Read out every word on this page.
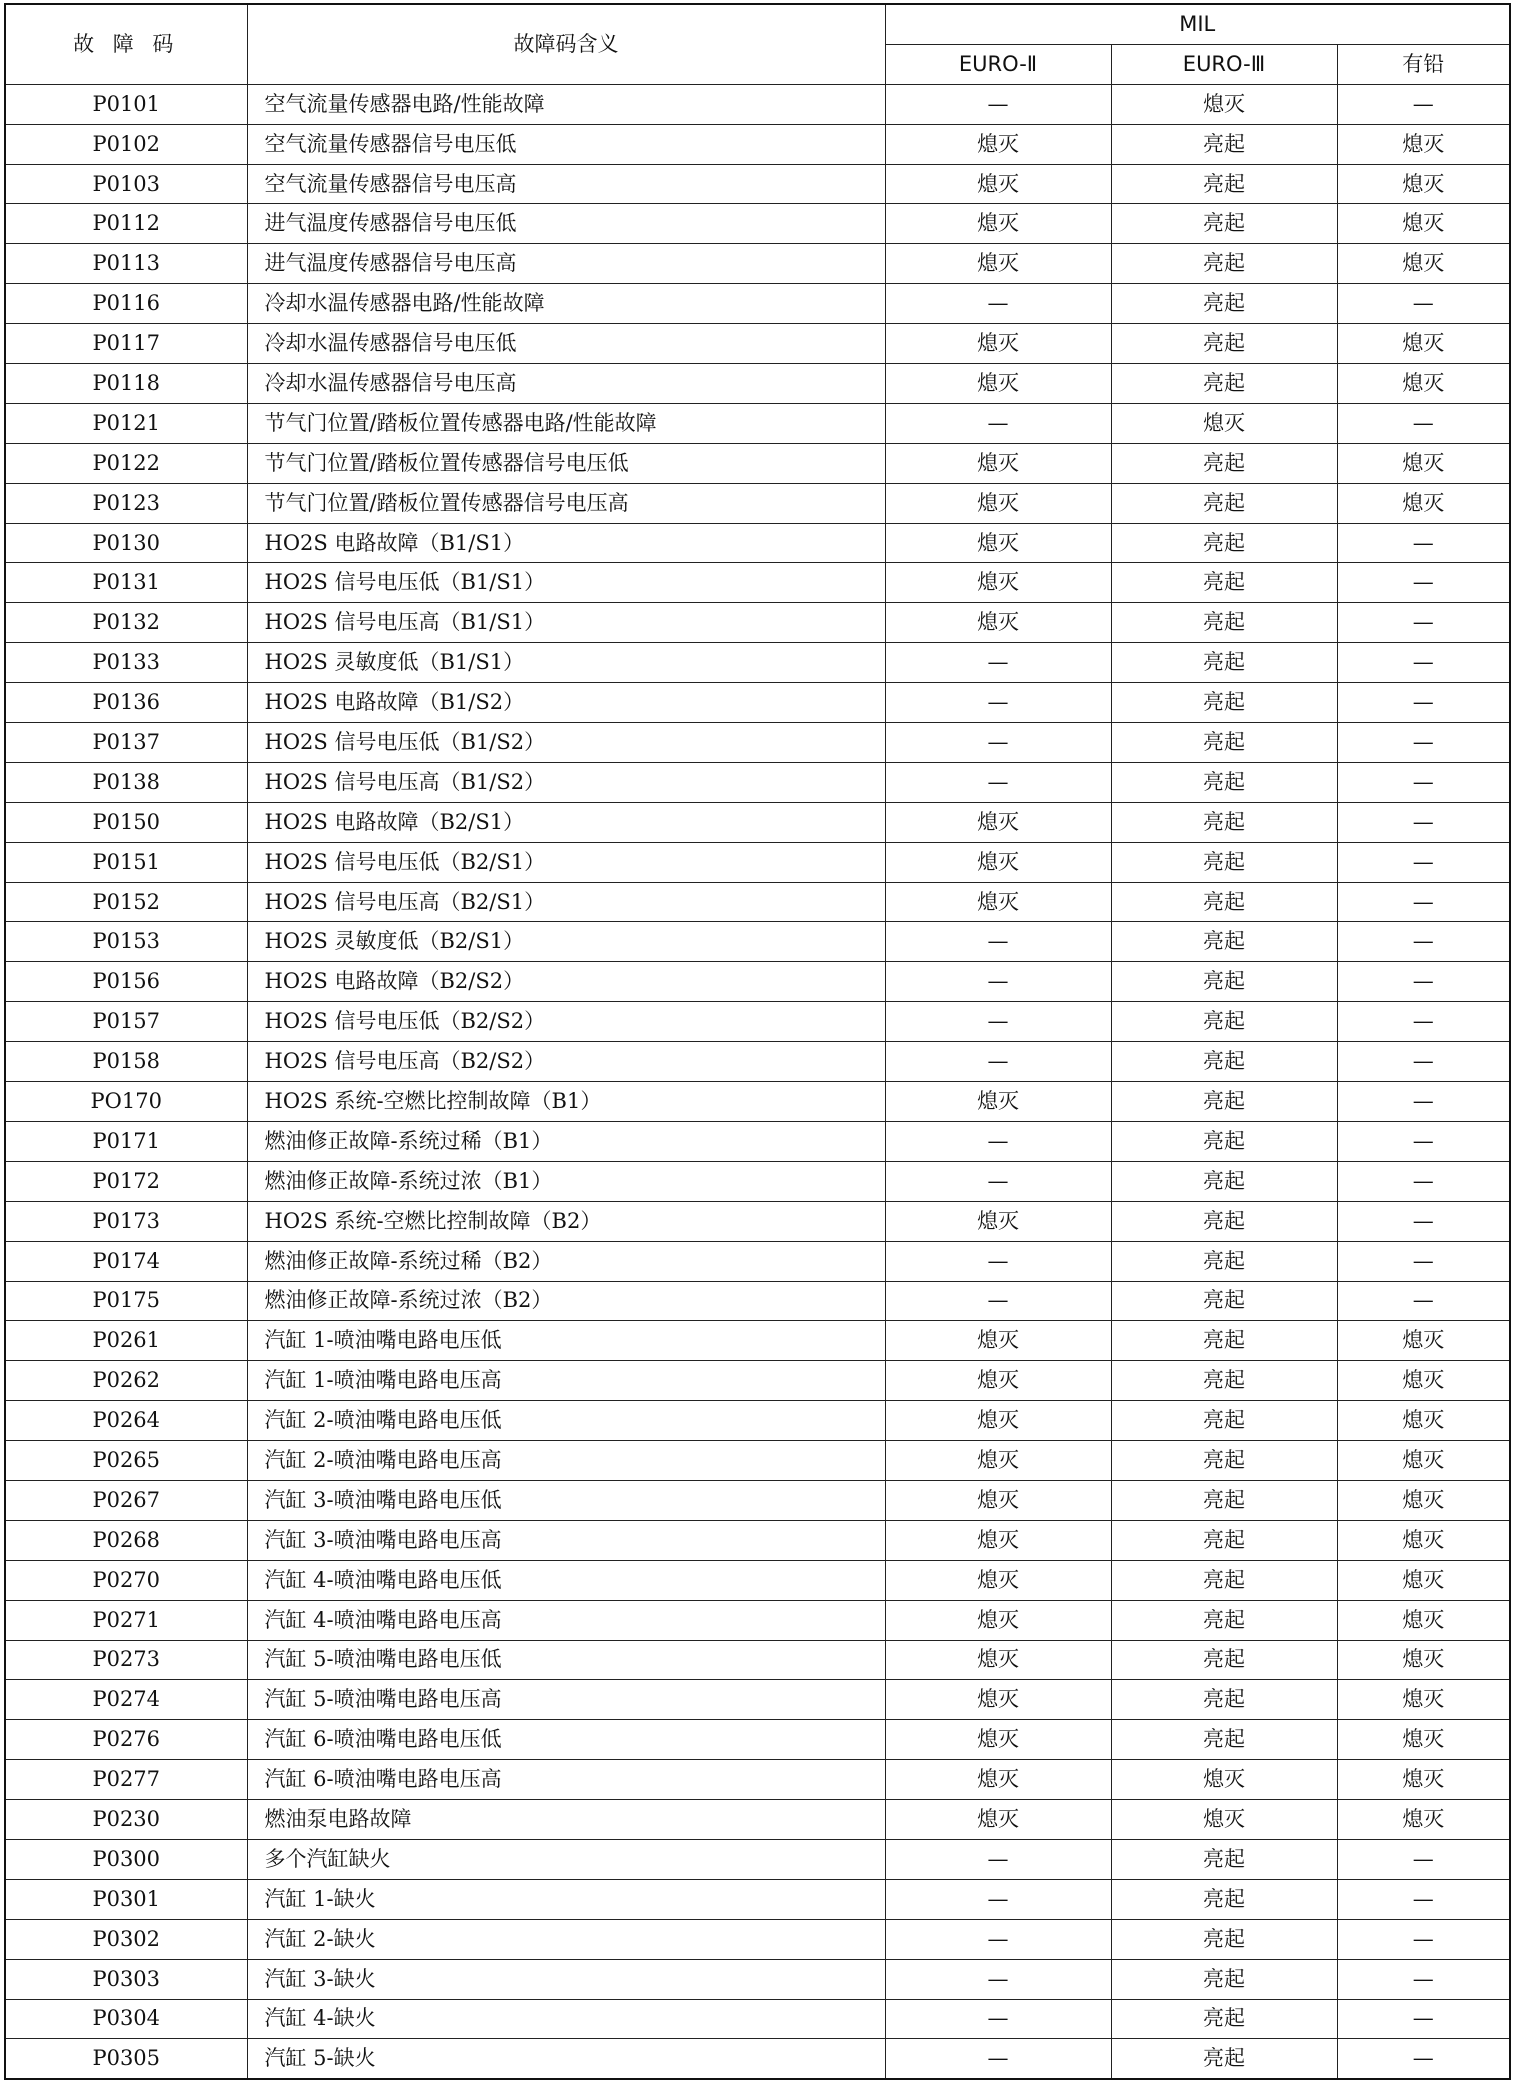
故 障 码	故障码含义	MIL		
		EURO-Ⅱ	EURO-Ⅲ	有铅
P0101	空气流量传感器电路/性能故障	—	熄灭	—
P0102	空气流量传感器信号电压低	熄灭	亮起	熄灭
P0103	空气流量传感器信号电压高	熄灭	亮起	熄灭
P0112	进气温度传感器信号电压低	熄灭	亮起	熄灭
P0113	进气温度传感器信号电压高	熄灭	亮起	熄灭
P0116	冷却水温传感器电路/性能故障	—	亮起	—
P0117	冷却水温传感器信号电压低	熄灭	亮起	熄灭
P0118	冷却水温传感器信号电压高	熄灭	亮起	熄灭
P0121	节气门位置/踏板位置传感器电路/性能故障	—	熄灭	—
P0122	节气门位置/踏板位置传感器信号电压低	熄灭	亮起	熄灭
P0123	节气门位置/踏板位置传感器信号电压高	熄灭	亮起	熄灭
P0130	HO2S 电路故障（B1/S1）	熄灭	亮起	—
P0131	HO2S 信号电压低（B1/S1）	熄灭	亮起	—
P0132	HO2S 信号电压高（B1/S1）	熄灭	亮起	—
P0133	HO2S 灵敏度低（B1/S1）	—	亮起	—
P0136	HO2S 电路故障（B1/S2）	—	亮起	—
P0137	HO2S 信号电压低（B1/S2）	—	亮起	—
P0138	HO2S 信号电压高（B1/S2）	—	亮起	—
P0150	HO2S 电路故障（B2/S1）	熄灭	亮起	—
P0151	HO2S 信号电压低（B2/S1）	熄灭	亮起	—
P0152	HO2S 信号电压高（B2/S1）	熄灭	亮起	—
P0153	HO2S 灵敏度低（B2/S1）	—	亮起	—
P0156	HO2S 电路故障（B2/S2）	—	亮起	—
P0157	HO2S 信号电压低（B2/S2）	—	亮起	—
P0158	HO2S 信号电压高（B2/S2）	—	亮起	—
PO170	HO2S 系统-空燃比控制故障（B1）	熄灭	亮起	—
P0171	燃油修正故障-系统过稀（B1）	—	亮起	—
P0172	燃油修正故障-系统过浓（B1）	—	亮起	—
P0173	HO2S 系统-空燃比控制故障（B2）	熄灭	亮起	—
P0174	燃油修正故障-系统过稀（B2）	—	亮起	—
P0175	燃油修正故障-系统过浓（B2）	—	亮起	—
P0261	汽缸 1-喷油嘴电路电压低	熄灭	亮起	熄灭
P0262	汽缸 1-喷油嘴电路电压高	熄灭	亮起	熄灭
P0264	汽缸 2-喷油嘴电路电压低	熄灭	亮起	熄灭
P0265	汽缸 2-喷油嘴电路电压高	熄灭	亮起	熄灭
P0267	汽缸 3-喷油嘴电路电压低	熄灭	亮起	熄灭
P0268	汽缸 3-喷油嘴电路电压高	熄灭	亮起	熄灭
P0270	汽缸 4-喷油嘴电路电压低	熄灭	亮起	熄灭
P0271	汽缸 4-喷油嘴电路电压高	熄灭	亮起	熄灭
P0273	汽缸 5-喷油嘴电路电压低	熄灭	亮起	熄灭
P0274	汽缸 5-喷油嘴电路电压高	熄灭	亮起	熄灭
P0276	汽缸 6-喷油嘴电路电压低	熄灭	亮起	熄灭
P0277	汽缸 6-喷油嘴电路电压高	熄灭	熄灭	熄灭
P0230	燃油泵电路故障	熄灭	熄灭	熄灭
P0300	多个汽缸缺火	—	亮起	—
P0301	汽缸 1-缺火	—	亮起	—
P0302	汽缸 2-缺火	—	亮起	—
P0303	汽缸 3-缺火	—	亮起	—
P0304	汽缸 4-缺火	—	亮起	—
P0305	汽缸 5-缺火	—	亮起	—
